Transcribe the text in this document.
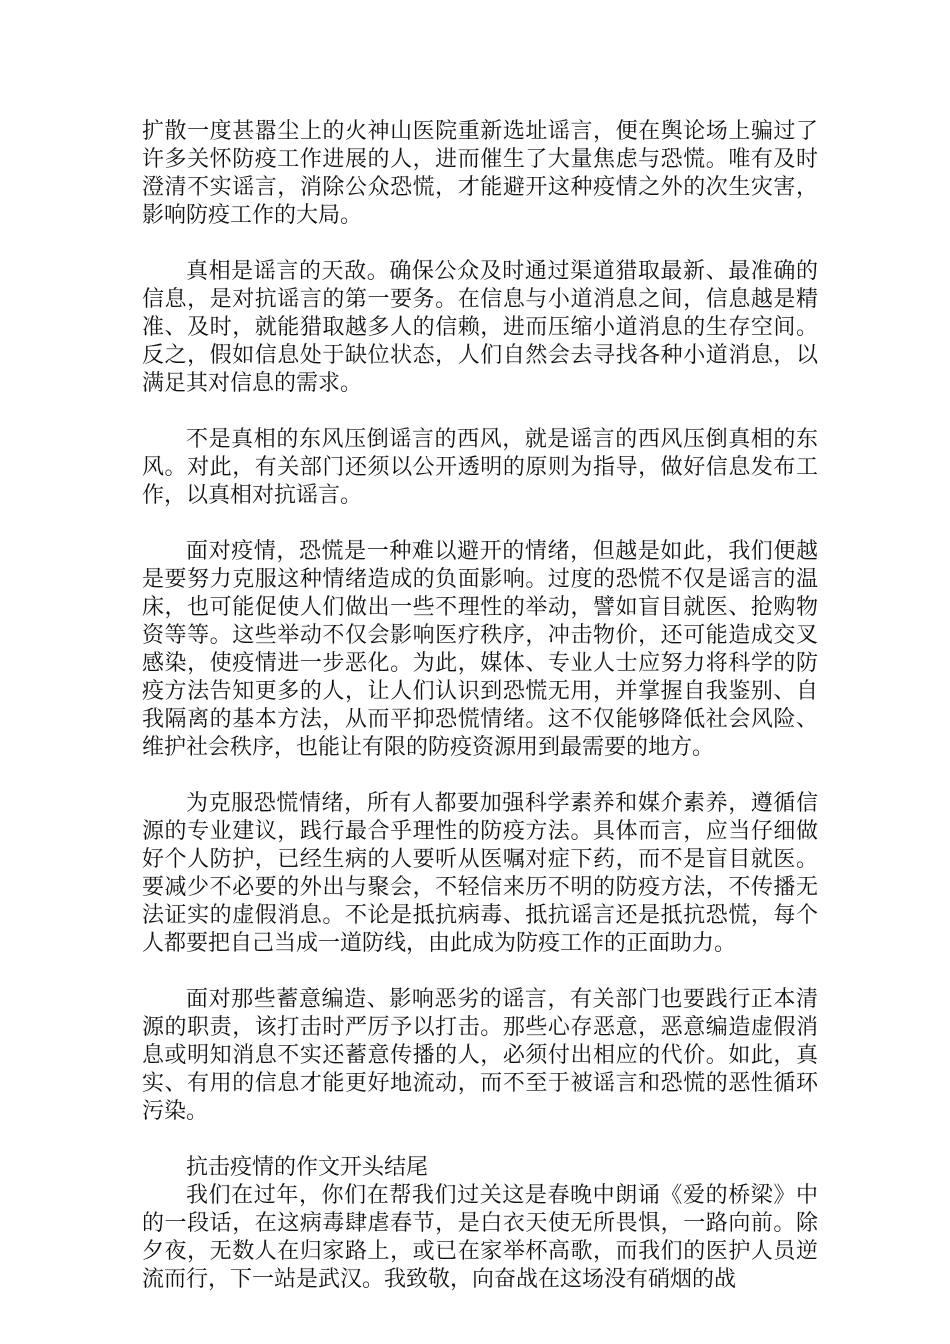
扩散一度甚嚣尘上的火神山医院重新选址谣言，便在舆论场上骗过了许多关怀防疫工作进展的人，进而催生了大量焦虑与恐慌。唯有及时澄清不实谣言，消除公众恐慌，才能避开这种疫情之外的次生灾害，影响防疫工作的大局。

真相是谣言的天敌。确保公众及时通过渠道猎取最新、最准确的信息，是对抗谣言的第一要务。在信息与小道消息之间，信息越是精准、及时，就能猎取越多人的信赖，进而压缩小道消息的生存空间。反之，假如信息处于缺位状态，人们自然会去寻找各种小道消息，以满足其对信息的需求。

不是真相的东风压倒谣言的西风，就是谣言的西风压倒真相的东风。对此，有关部门还须以公开透明的原则为指导，做好信息发布工作，以真相对抗谣言。

面对疫情，恐慌是一种难以避开的情绪，但越是如此，我们便越是要努力克服这种情绪造成的负面影响。过度的恐慌不仅是谣言的温床，也可能促使人们做出一些不理性的举动，譬如盲目就医、抢购物资等等。这些举动不仅会影响医疗秩序，冲击物价，还可能造成交叉感染，使疫情进一步恶化。为此，媒体、专业人士应努力将科学的防疫方法告知更多的人，让人们认识到恐慌无用，并掌握自我鉴别、自我隔离的基本方法，从而平抑恐慌情绪。这不仅能够降低社会风险、维护社会秩序，也能让有限的防疫资源用到最需要的地方。

为克服恐慌情绪，所有人都要加强科学素养和媒介素养，遵循信源的专业建议，践行最合乎理性的防疫方法。具体而言，应当仔细做好个人防护，已经生病的人要听从医嘱对症下药，而不是盲目就医。要减少不必要的外出与聚会，不轻信来历不明的防疫方法，不传播无法证实的虚假消息。不论是抵抗病毒、抵抗谣言还是抵抗恐慌，每个人都要把自己当成一道防线，由此成为防疫工作的正面助力。

面对那些蓄意编造、影响恶劣的谣言，有关部门也要践行正本清源的职责，该打击时严厉予以打击。那些心存恶意，恶意编造虚假消息或明知消息不实还蓄意传播的人，必须付出相应的代价。如此，真实、有用的信息才能更好地流动，而不至于被谣言和恐慌的恶性循环污染。

抗击疫情的作文开头结尾

我们在过年，你们在帮我们过关这是春晚中朗诵《爱的桥梁》中的一段话，在这病毒肆虐春节，是白衣天使无所畏惧，一路向前。除夕夜，无数人在归家路上，或已在家举杯高歌，而我们的医护人员逆流而行，下一站是武汉。我致敬，向奋战在这场没有硝烟的战
